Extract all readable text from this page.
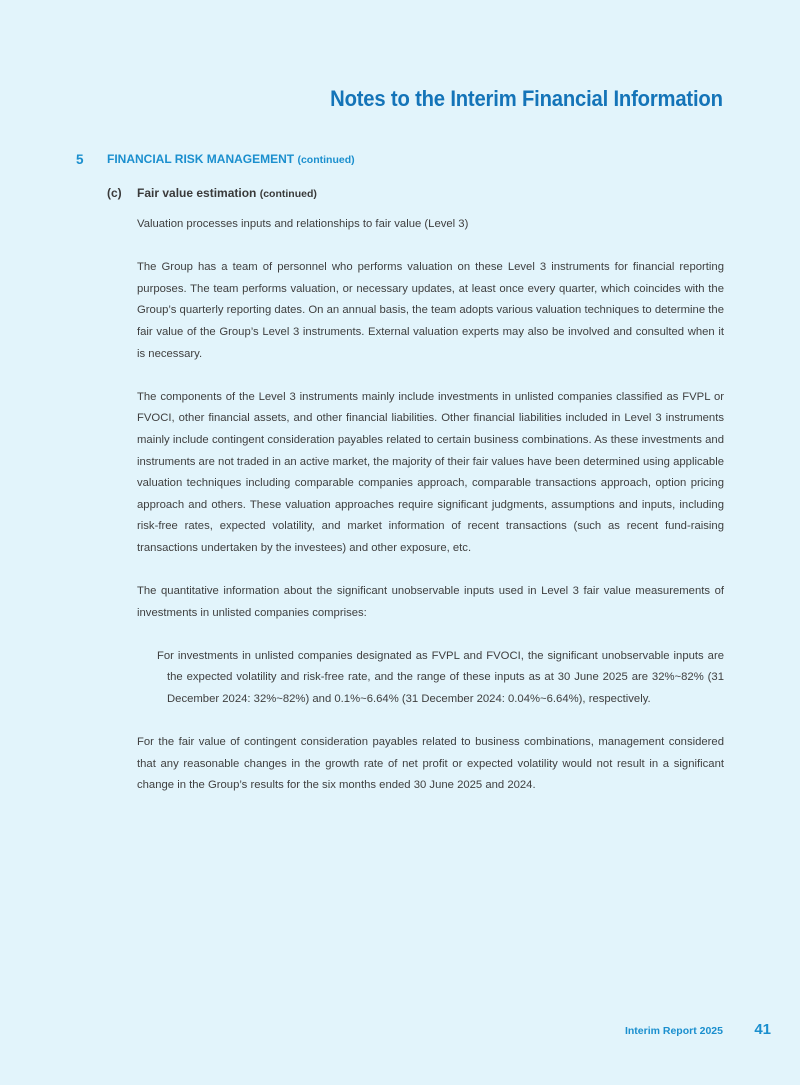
Notes to the Interim Financial Information
5 FINANCIAL RISK MANAGEMENT (continued)
(c) Fair value estimation (continued)

Valuation processes inputs and relationships to fair value (Level 3)

The Group has a team of personnel who performs valuation on these Level 3 instruments for financial reporting purposes. The team performs valuation, or necessary updates, at least once every quarter, which coincides with the Group’s quarterly reporting dates. On an annual basis, the team adopts various valuation techniques to determine the fair value of the Group’s Level 3 instruments. External valuation experts may also be involved and consulted when it is necessary.

The components of the Level 3 instruments mainly include investments in unlisted companies classified as FVPL or FVOCI, other financial assets, and other financial liabilities. Other financial liabilities included in Level 3 instruments mainly include contingent consideration payables related to certain business combinations. As these investments and instruments are not traded in an active market, the majority of their fair values have been determined using applicable valuation techniques including comparable companies approach, comparable transactions approach, option pricing approach and others. These valuation approaches require significant judgments, assumptions and inputs, including risk-free rates, expected volatility, and market information of recent transactions (such as recent fund-raising transactions undertaken by the investees) and other exposure, etc.

The quantitative information about the significant unobservable inputs used in Level 3 fair value measurements of investments in unlisted companies comprises:

For investments in unlisted companies designated as FVPL and FVOCI, the significant unobservable inputs are the expected volatility and risk-free rate, and the range of these inputs as at 30 June 2025 are 32%~82% (31 December 2024: 32%~82%) and 0.1%~6.64% (31 December 2024: 0.04%~6.64%), respectively.

For the fair value of contingent consideration payables related to business combinations, management considered that any reasonable changes in the growth rate of net profit or expected volatility would not result in a significant change in the Group’s results for the six months ended 30 June 2025 and 2024.

Interim Report 2025 41
